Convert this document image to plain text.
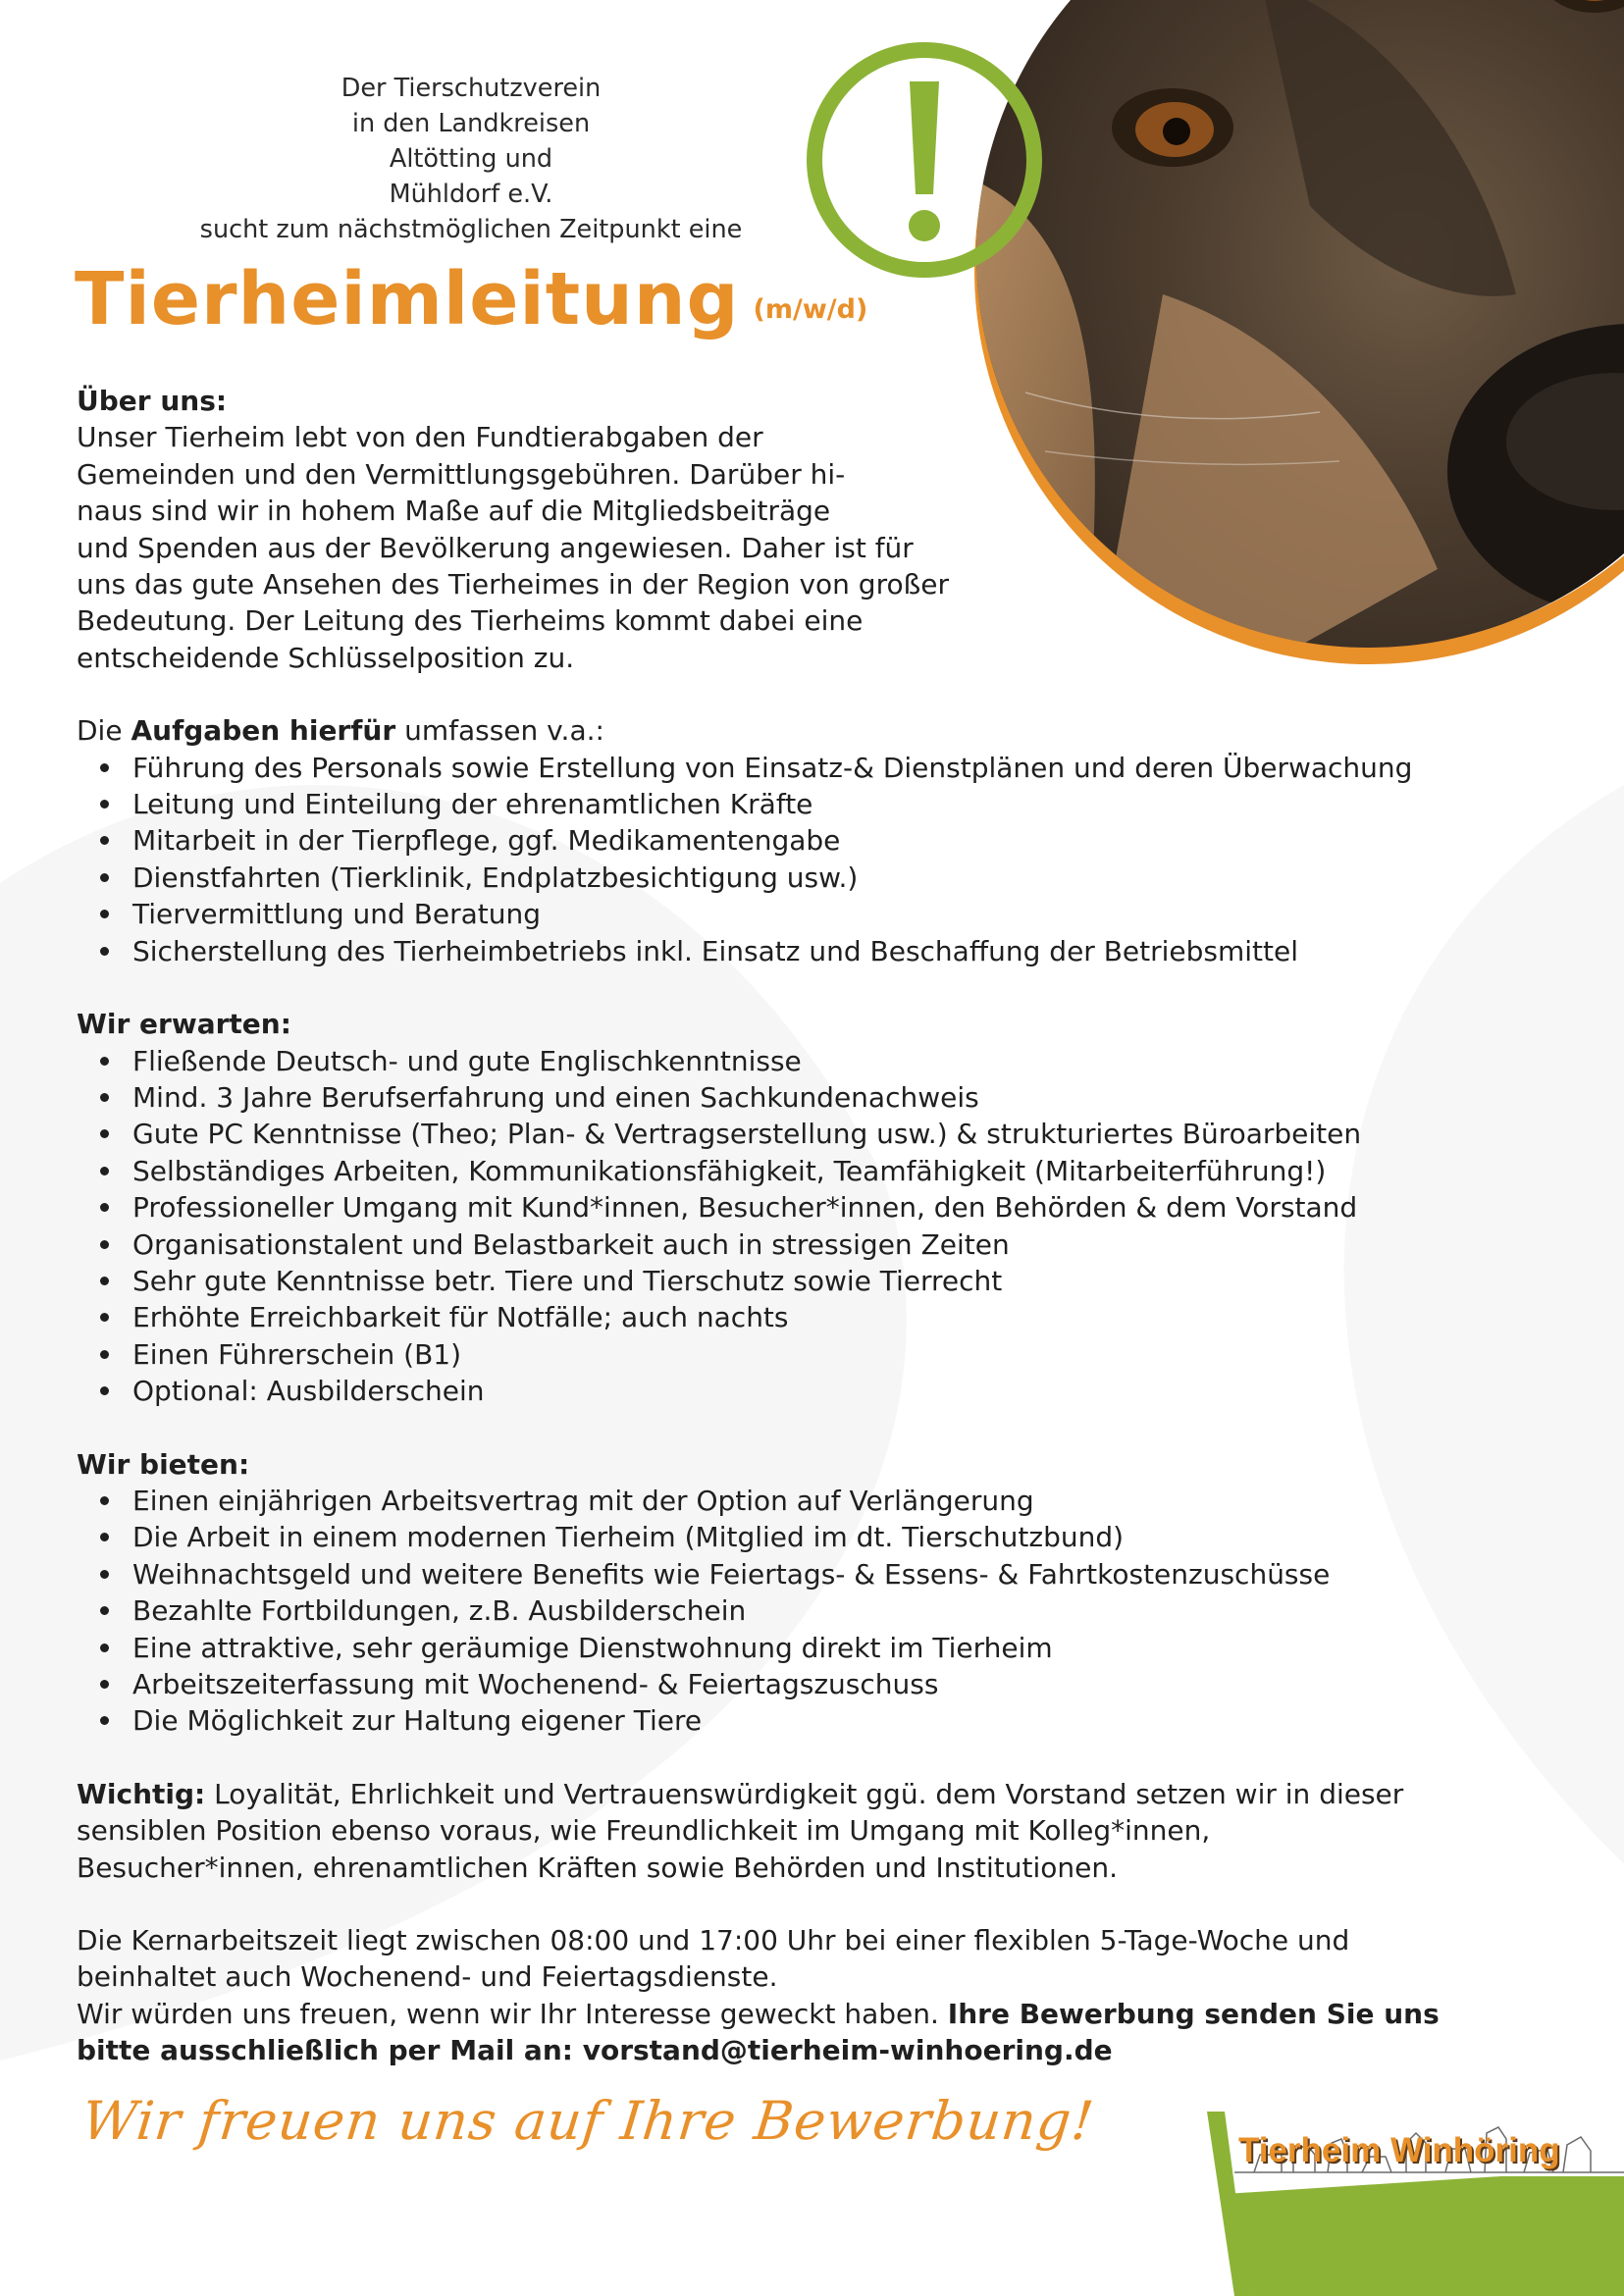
Der Tierschutzverein
in den Landkreisen
Altötting und
Mühldorf e.V.
sucht zum nächstmöglichen Zeitpunkt eine
Tierheimleitung (m/w/d)

Über uns:

Unser Tierheim lebt von den Fundtierabgaben der

Gemeinden und den Vermittlungsgebühren. Darüber hi-

naus sind wir in hohem Maße auf die Mitgliedsbeiträge

und Spenden aus der Bevölkerung angewiesen. Daher ist für

uns das gute Ansehen des Tierheimes in der Region von großer

Bedeutung. Der Leitung des Tierheims kommt dabei eine

entscheidende Schlüsselposition zu.

Die Aufgaben hierfür umfassen v.a.:

Führung des Personals sowie Erstellung von Einsatz-& Dienstplänen und deren Überwachung
Leitung und Einteilung der ehrenamtlichen Kräfte
Mitarbeit in der Tierpflege, ggf. Medikamentengabe
Dienstfahrten (Tierklinik, Endplatzbesichtigung usw.)
Tiervermittlung und Beratung
Sicherstellung des Tierheimbetriebs inkl. Einsatz und Beschaffung der Betriebsmittel

Wir erwarten:

Fließende Deutsch- und gute Englischkenntnisse
Mind. 3 Jahre Berufserfahrung und einen Sachkundenachweis
Gute PC Kenntnisse (Theo; Plan- & Vertragserstellung usw.) & strukturiertes Büroarbeiten
Selbständiges Arbeiten, Kommunikationsfähigkeit, Teamfähigkeit (Mitarbeiterführung!)
Professioneller Umgang mit Kund*innen, Besucher*innen, den Behörden & dem Vorstand
Organisationstalent und Belastbarkeit auch in stressigen Zeiten
Sehr gute Kenntnisse betr. Tiere und Tierschutz sowie Tierrecht
Erhöhte Erreichbarkeit für Notfälle; auch nachts
Einen Führerschein (B1)
Optional: Ausbilderschein

Wir bieten:

Einen einjährigen Arbeitsvertrag mit der Option auf Verlängerung
Die Arbeit in einem modernen Tierheim (Mitglied im dt. Tierschutzbund)
Weihnachtsgeld und weitere Benefits wie Feiertags- & Essens- & Fahrtkostenzuschüsse
Bezahlte Fortbildungen, z.B. Ausbilderschein
Eine attraktive, sehr geräumige Dienstwohnung direkt im Tierheim
Arbeitszeiterfassung mit Wochenend- & Feiertagszuschuss
Die Möglichkeit zur Haltung eigener Tiere

Wichtig: Loyalität, Ehrlichkeit und Vertrauenswürdigkeit ggü. dem Vorstand setzen wir in dieser

sensiblen Position ebenso voraus, wie Freundlichkeit im Umgang mit Kolleg*innen,

Besucher*innen, ehrenamtlichen Kräften sowie Behörden und Institutionen.

Die Kernarbeitszeit liegt zwischen 08:00 und 17:00 Uhr bei einer flexiblen 5-Tage-Woche und

beinhaltet auch Wochenend- und Feiertagsdienste.

Wir würden uns freuen, wenn wir Ihr Interesse geweckt haben. Ihre Bewerbung senden Sie uns

bitte ausschließlich per Mail an: vorstand@tierheim-winhoering.de

Wir freuen uns auf Ihre Bewerbung!	Tierheim Winhöring
